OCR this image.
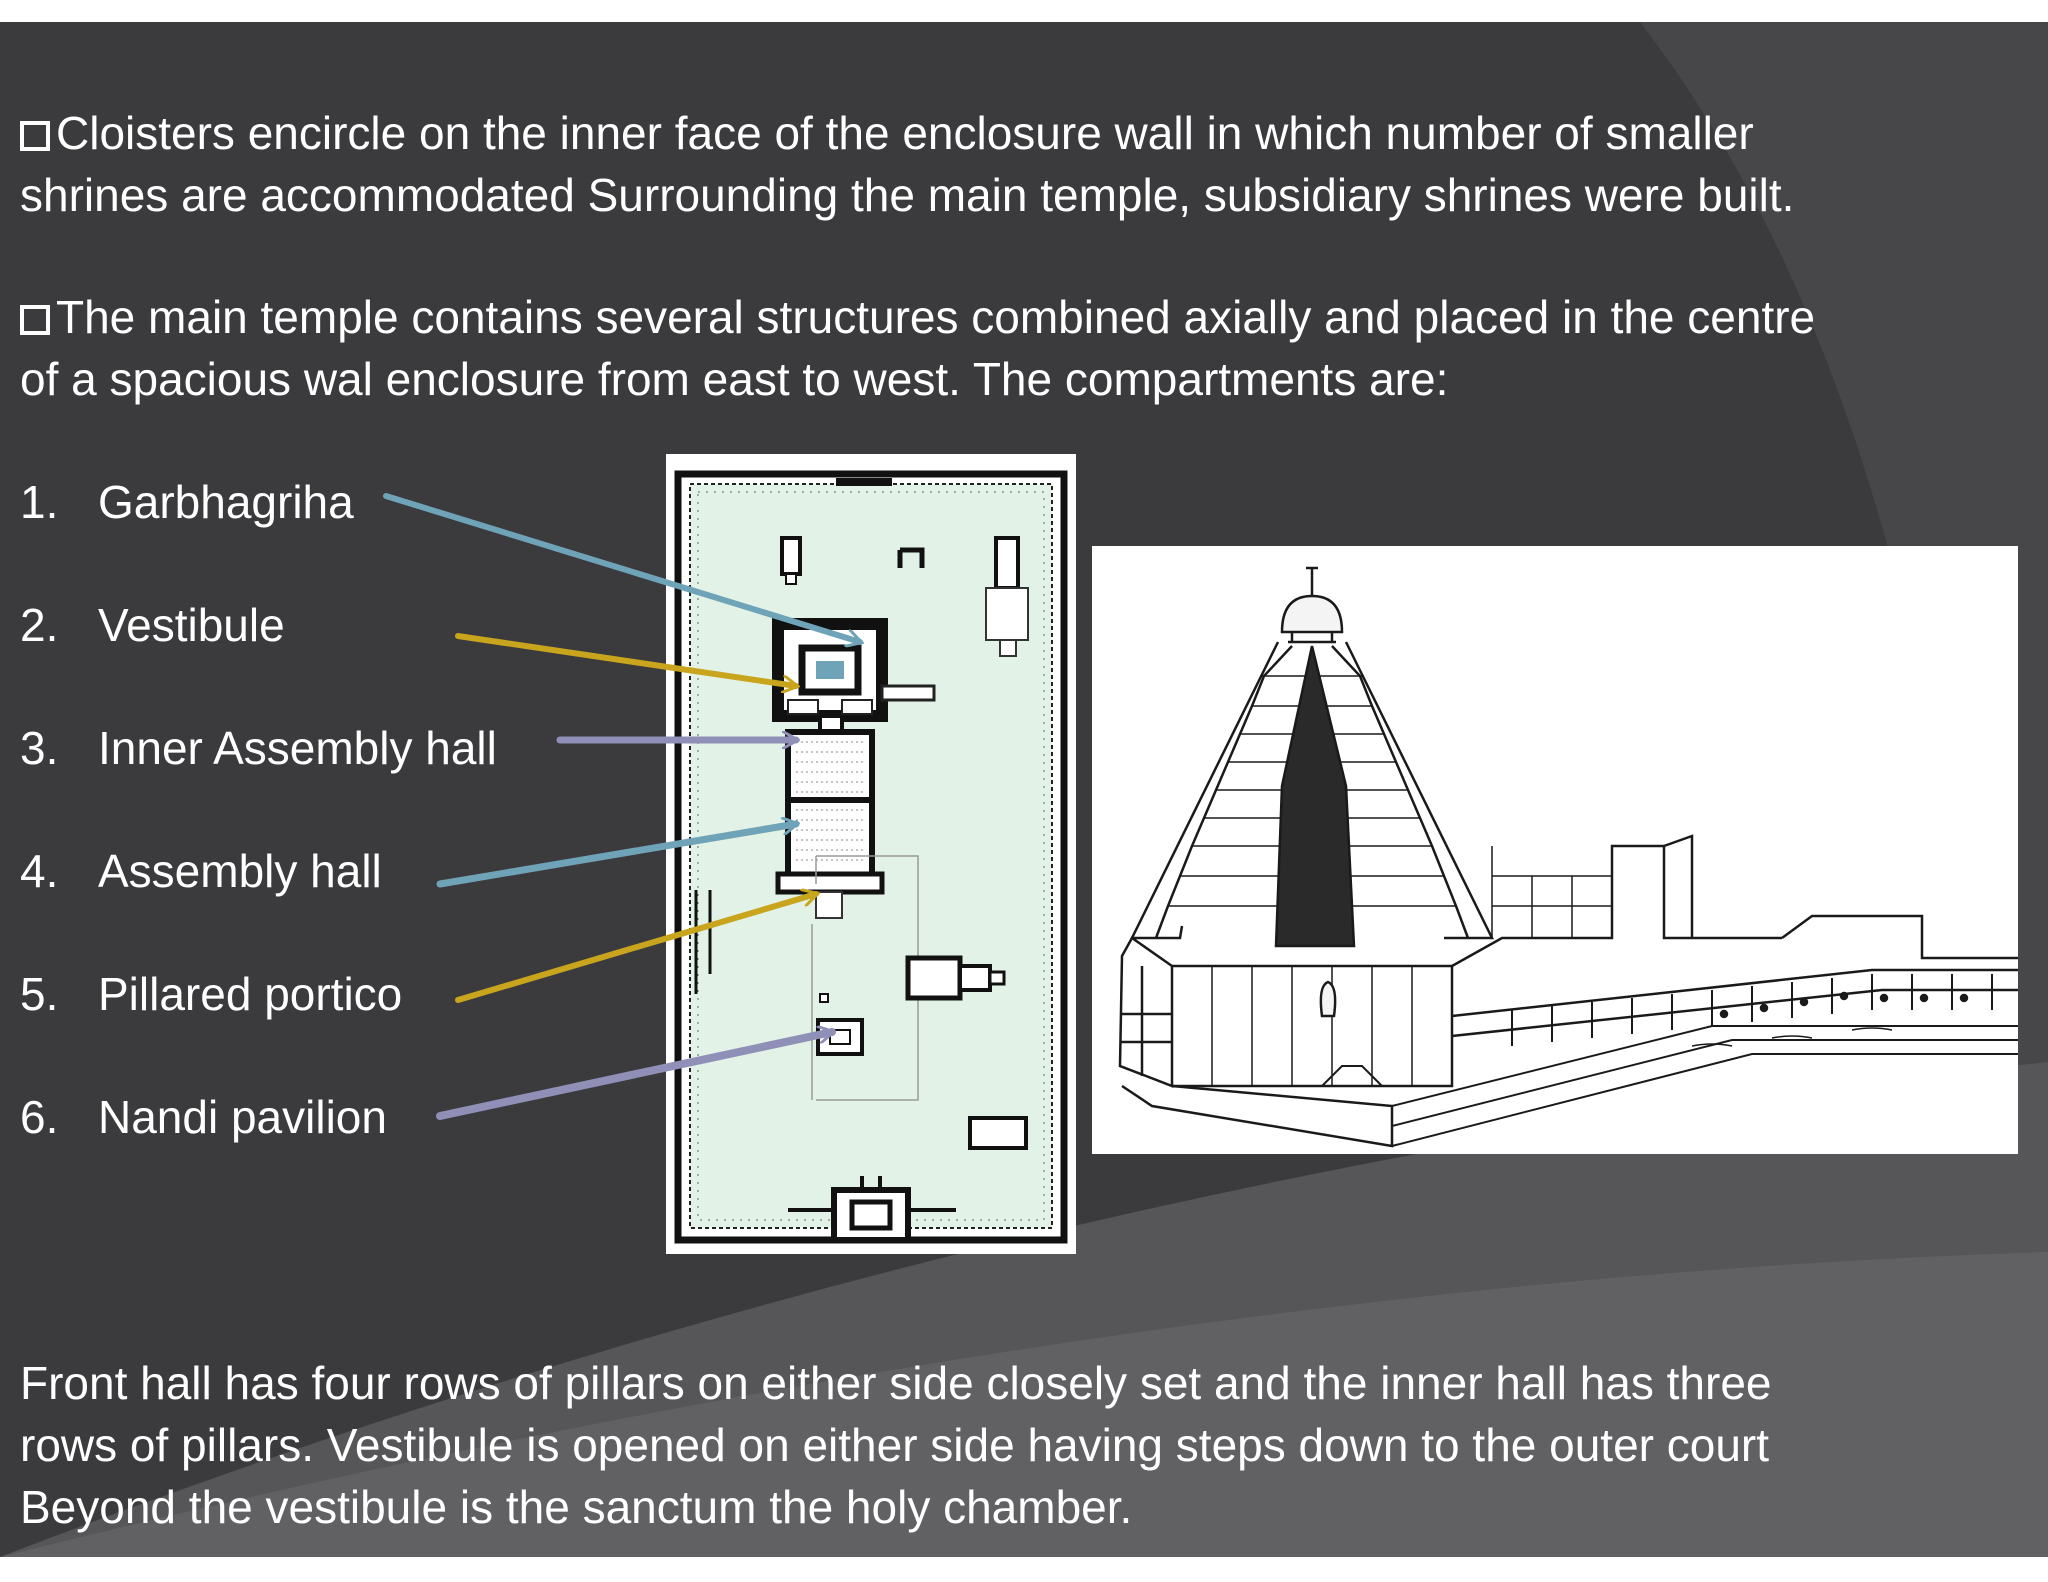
Cloisters encircle on the inner face of the enclosure wall in which number of smaller
shrines are accommodated Surrounding the main temple, subsidiary shrines were built.

The main temple contains several structures combined axially and placed in the centre
of a spacious wal enclosure from east to west. The compartments are:

1. Garbhagriha

2. Vestibule

3. Inner Assembly hall

4. Assembly hall

5. Pillared portico

6. Nandi pavilion

Front hall has four rows of pillars on either side closely set and the inner hall has three
rows of pillars. Vestibule is opened on either side having steps down to the outer court
Beyond the vestibule is the sanctum the holy chamber.
